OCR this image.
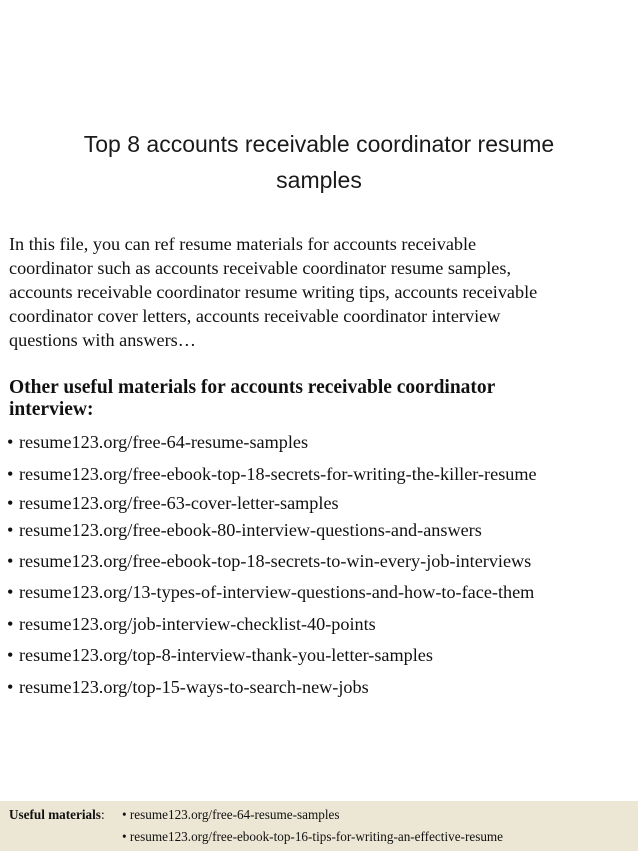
Top 8 accounts receivable coordinator resume
samples
In this file, you can ref resume materials for accounts receivable
coordinator such as accounts receivable coordinator resume samples,
accounts receivable coordinator resume writing tips, accounts receivable
coordinator cover letters, accounts receivable coordinator interview
questions with answers…
Other useful materials for accounts receivable coordinator
interview:
• resume123.org/free-64-resume-samples
• resume123.org/free-ebook-top-18-secrets-for-writing-the-killer-resume
• resume123.org/free-63-cover-letter-samples
• resume123.org/free-ebook-80-interview-questions-and-answers
• resume123.org/free-ebook-top-18-secrets-to-win-every-job-interviews
• resume123.org/13-types-of-interview-questions-and-how-to-face-them
• resume123.org/job-interview-checklist-40-points
• resume123.org/top-8-interview-thank-you-letter-samples
• resume123.org/top-15-ways-to-search-new-jobs
Useful materials: • resume123.org/free-64-resume-samples
• resume123.org/free-ebook-top-16-tips-for-writing-an-effective-resume
